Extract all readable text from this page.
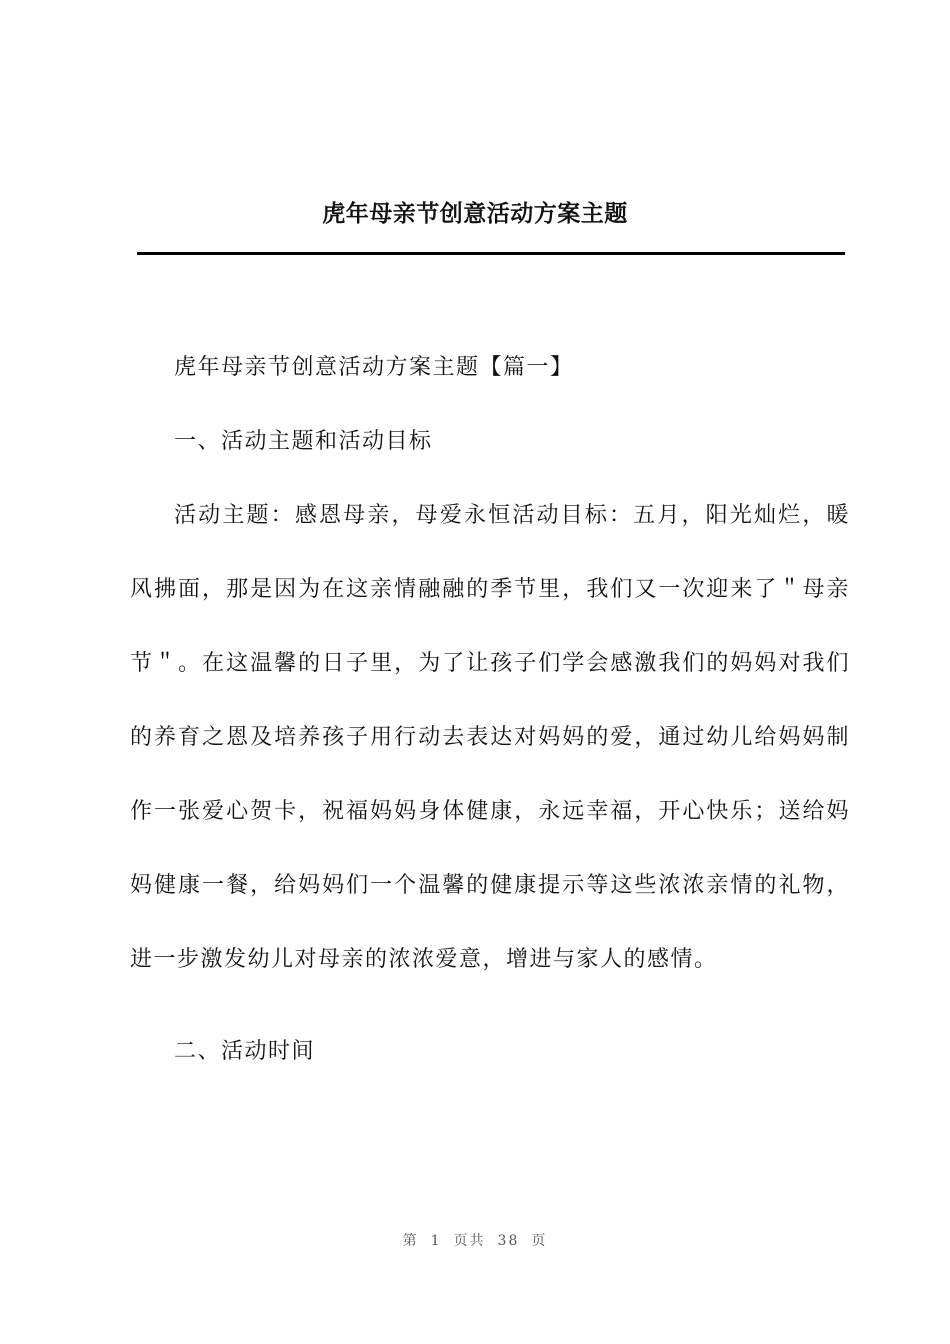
虎年母亲节创意活动方案主题

虎年母亲节创意活动方案主题【篇一】

一、活动主题和活动目标

活动主题：感恩母亲，母爱永恒活动目标：五月，阳光灿烂，暖风拂面，那是因为在这亲情融融的季节里，我们又一次迎来了＂母亲节＂。在这温馨的日子里，为了让孩子们学会感激我们的妈妈对我们的养育之恩及培养孩子用行动去表达对妈妈的爱，通过幼儿给妈妈制作一张爱心贺卡，祝福妈妈身体健康，永远幸福，开心快乐；送给妈妈健康一餐，给妈妈们一个温馨的健康提示等这些浓浓亲情的礼物，进一步激发幼儿对母亲的浓浓爱意，增进与家人的感情。

二、活动时间

第 1 页共 38 页
